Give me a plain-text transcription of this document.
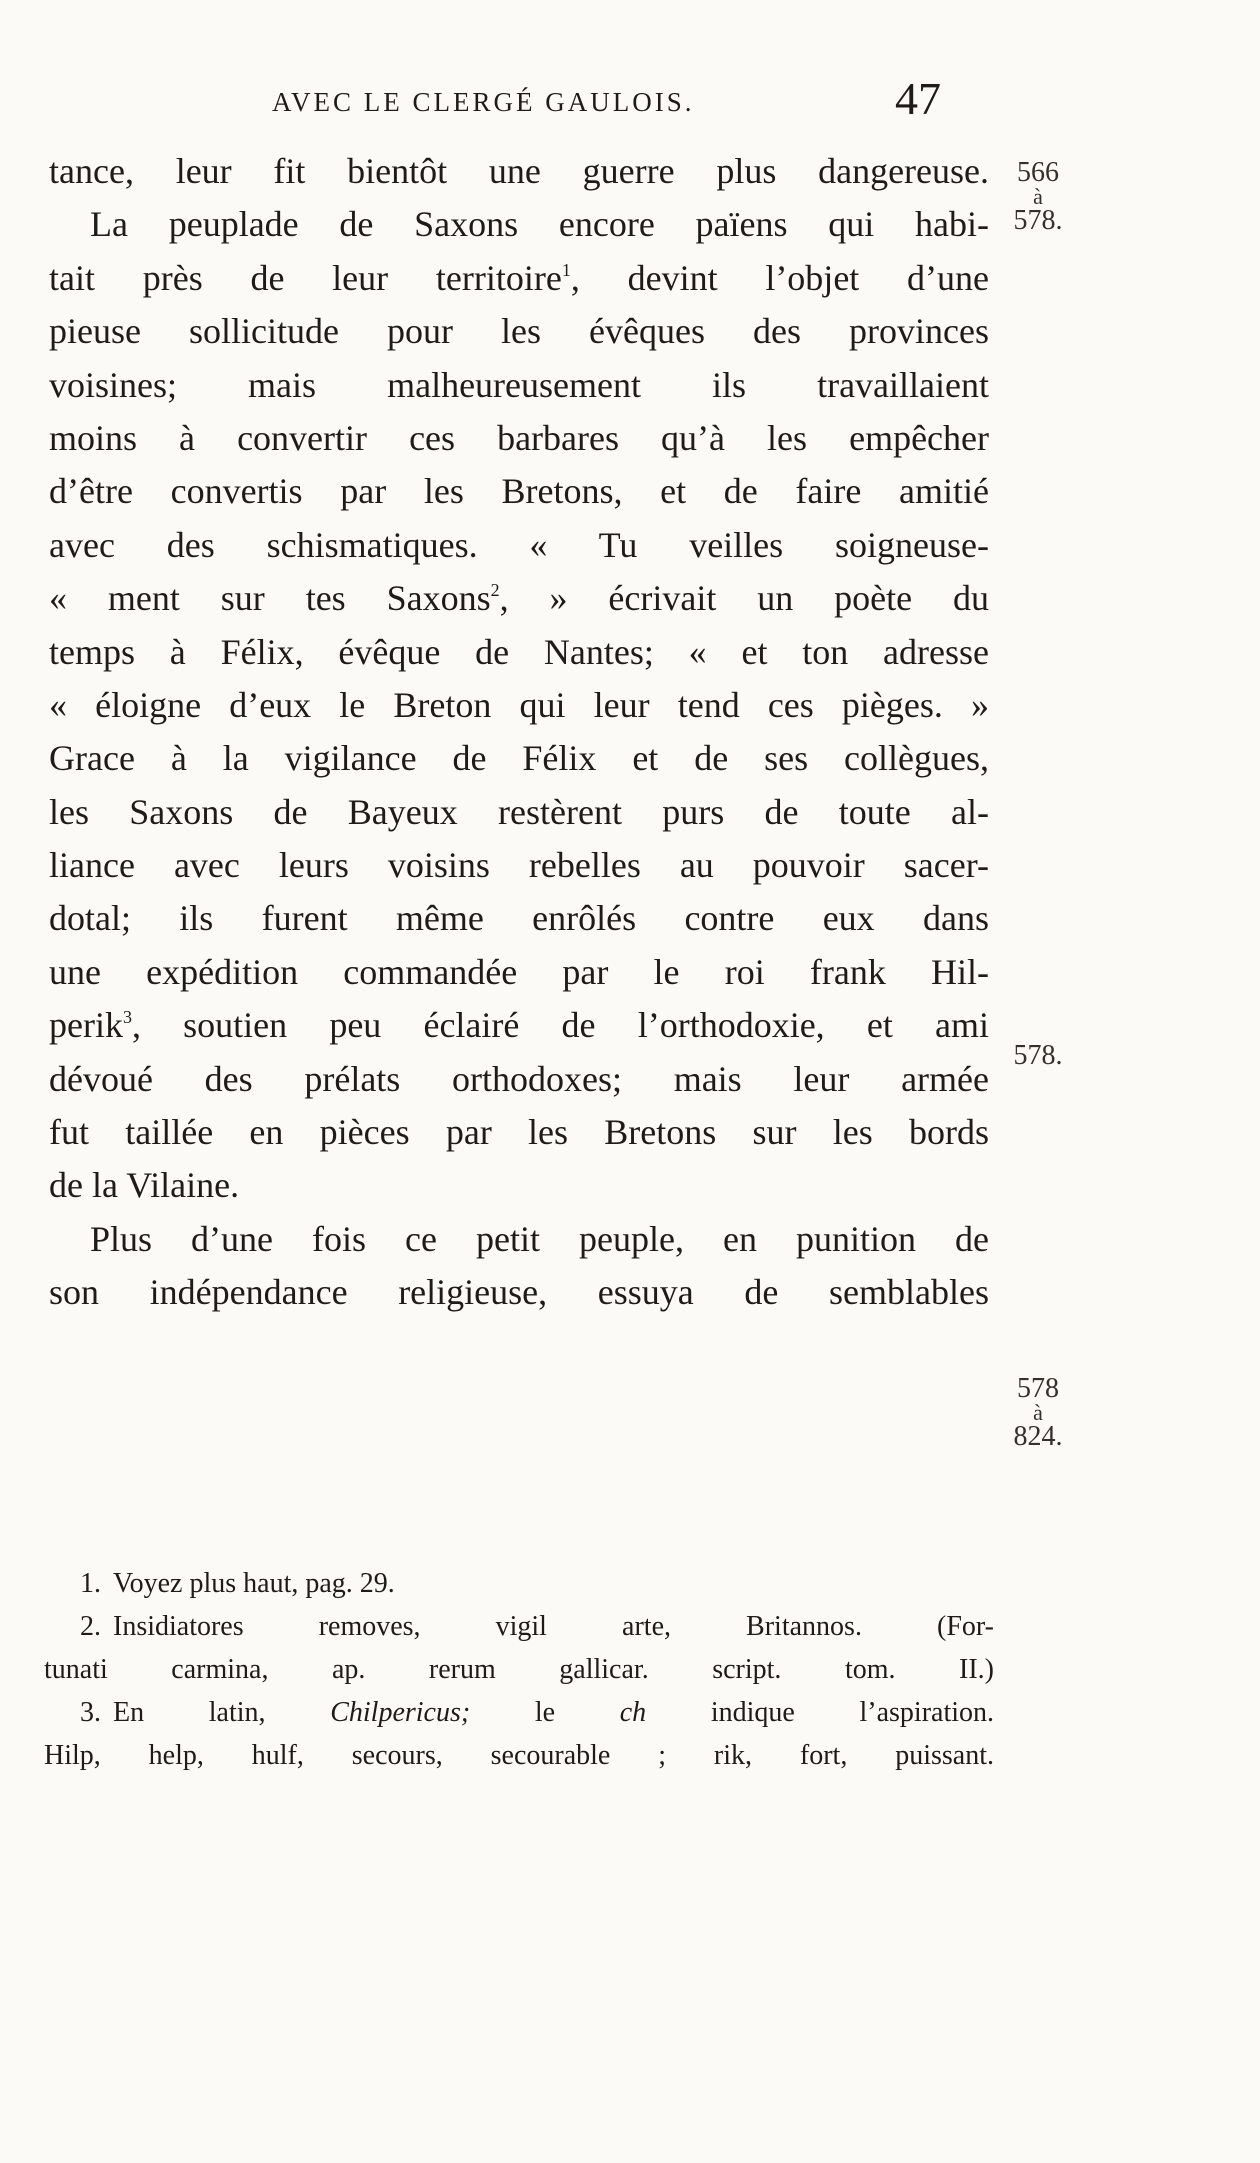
AVEC LE CLERGÉ GAULOIS.	47
tance, leur fit bientôt une guerre plus dangereuse.
La peuplade de Saxons encore païens qui habi-
tait près de leur territoire$^1$, devint l’objet d’une
pieuse sollicitude pour les évêques des provinces
voisines; mais malheureusement ils travaillaient
moins à convertir ces barbares qu’à les empêcher
d’être convertis par les Bretons, et de faire amitié
avec des schismatiques. « Tu veilles soigneuse-
« ment sur tes Saxons$^2$, » écrivait un poète du
temps à Félix, évêque de Nantes; « et ton adresse
« éloigne d’eux le Breton qui leur tend ces pièges. »
Grace à la vigilance de Félix et de ses collègues,
les Saxons de Bayeux restèrent purs de toute al-
liance avec leurs voisins rebelles au pouvoir sacer-
dotal; ils furent même enrôlés contre eux dans
une expédition commandée par le roi frank Hil-
perik$^3$, soutien peu éclairé de l’orthodoxie, et ami
dévoué des prélats orthodoxes; mais leur armée
fut taillée en pièces par les Bretons sur les bords
de la Vilaine.
Plus d’une fois ce petit peuple, en punition de
son indépendance religieuse, essuya de semblables
566
à
578.
578.
578
à
824.
1. Voyez plus haut, pag. 29.
2. Insidiatores removes, vigil arte, Britannos. (For-
tunati carmina, ap. rerum gallicar. script. tom. II.)
3. En latin, Chilpericus; le ch indique l’aspiration.
Hilp, help, hulf, secours, secourable ; rik, fort, puissant.
